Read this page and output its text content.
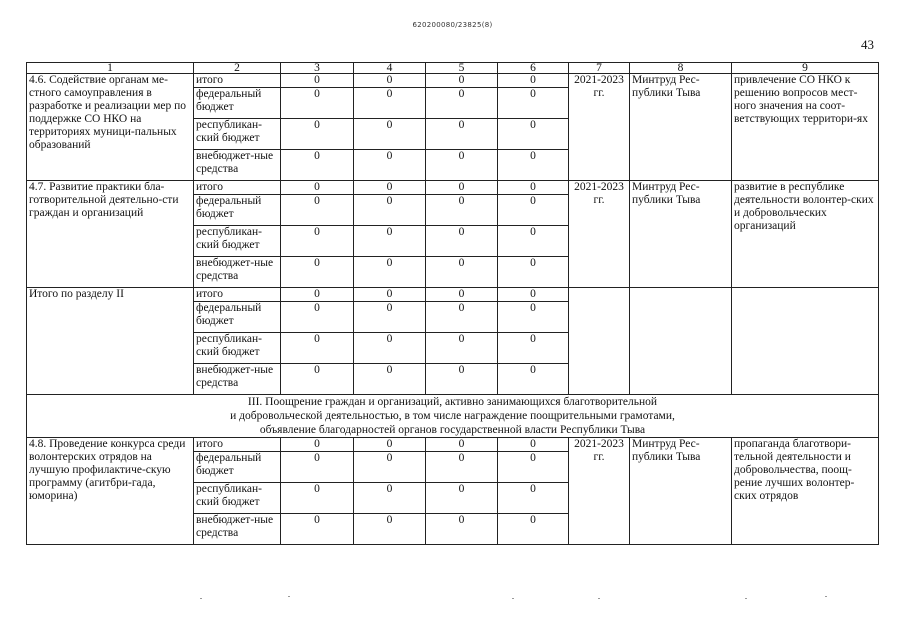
620200080/23825(8)
43
1	2	3	4	5	6	7	8	9
4.6. Содействие органам ме-стного самоуправления в разработке и реализации мер по поддержке СО НКО на территориях муници-пальных образований	итого	0	0	0	0	2021-2023 гг.	Минтруд Рес-публики Тыва	привлечение СО НКО к решению вопросов мест-ного значения на соот-ветствующих территори-ях
	федеральный бюджет	0	0	0	0			
	республикан-ский бюджет	0	0	0	0			
	внебюджет-ные средства	0	0	0	0			
4.7. Развитие практики бла-готворительной деятельно-сти граждан и организаций	итого	0	0	0	0	2021-2023 гг.	Минтруд Рес-публики Тыва	развитие в республике деятельности волонтер-ских и добровольческих организаций
	федеральный бюджет	0	0	0	0			
	республикан-ский бюджет	0	0	0	0			
	внебюджет-ные средства	0	0	0	0			
Итого по разделу II	итого	0	0	0	0			
	федеральный бюджет	0	0	0	0			
	республикан-ский бюджет	0	0	0	0			
	внебюджет-ные средства	0	0	0	0			

III. Поощрение граждан и организаций, активно занимающихся благотворительной
и добровольческой деятельностью, в том числе награждение поощрительными грамотами,
объявление благодарностей органов государственной власти Республики Тыва								

4.8. Проведение конкурса среди волонтерских отрядов на лучшую профилактиче-скую программу (агитбри-гада, юморина)	итого	0	0	0	0	2021-2023 гг.	Минтруд Рес-публики Тыва	пропаганда благотвори-тельной деятельности и добровольчества, поощ-рение лучших волонтер-ских отрядов
	федеральный бюджет	0	0	0	0			
	республикан-ский бюджет	0	0	0	0			
	внебюджет-ные средства	0	0	0	0			
